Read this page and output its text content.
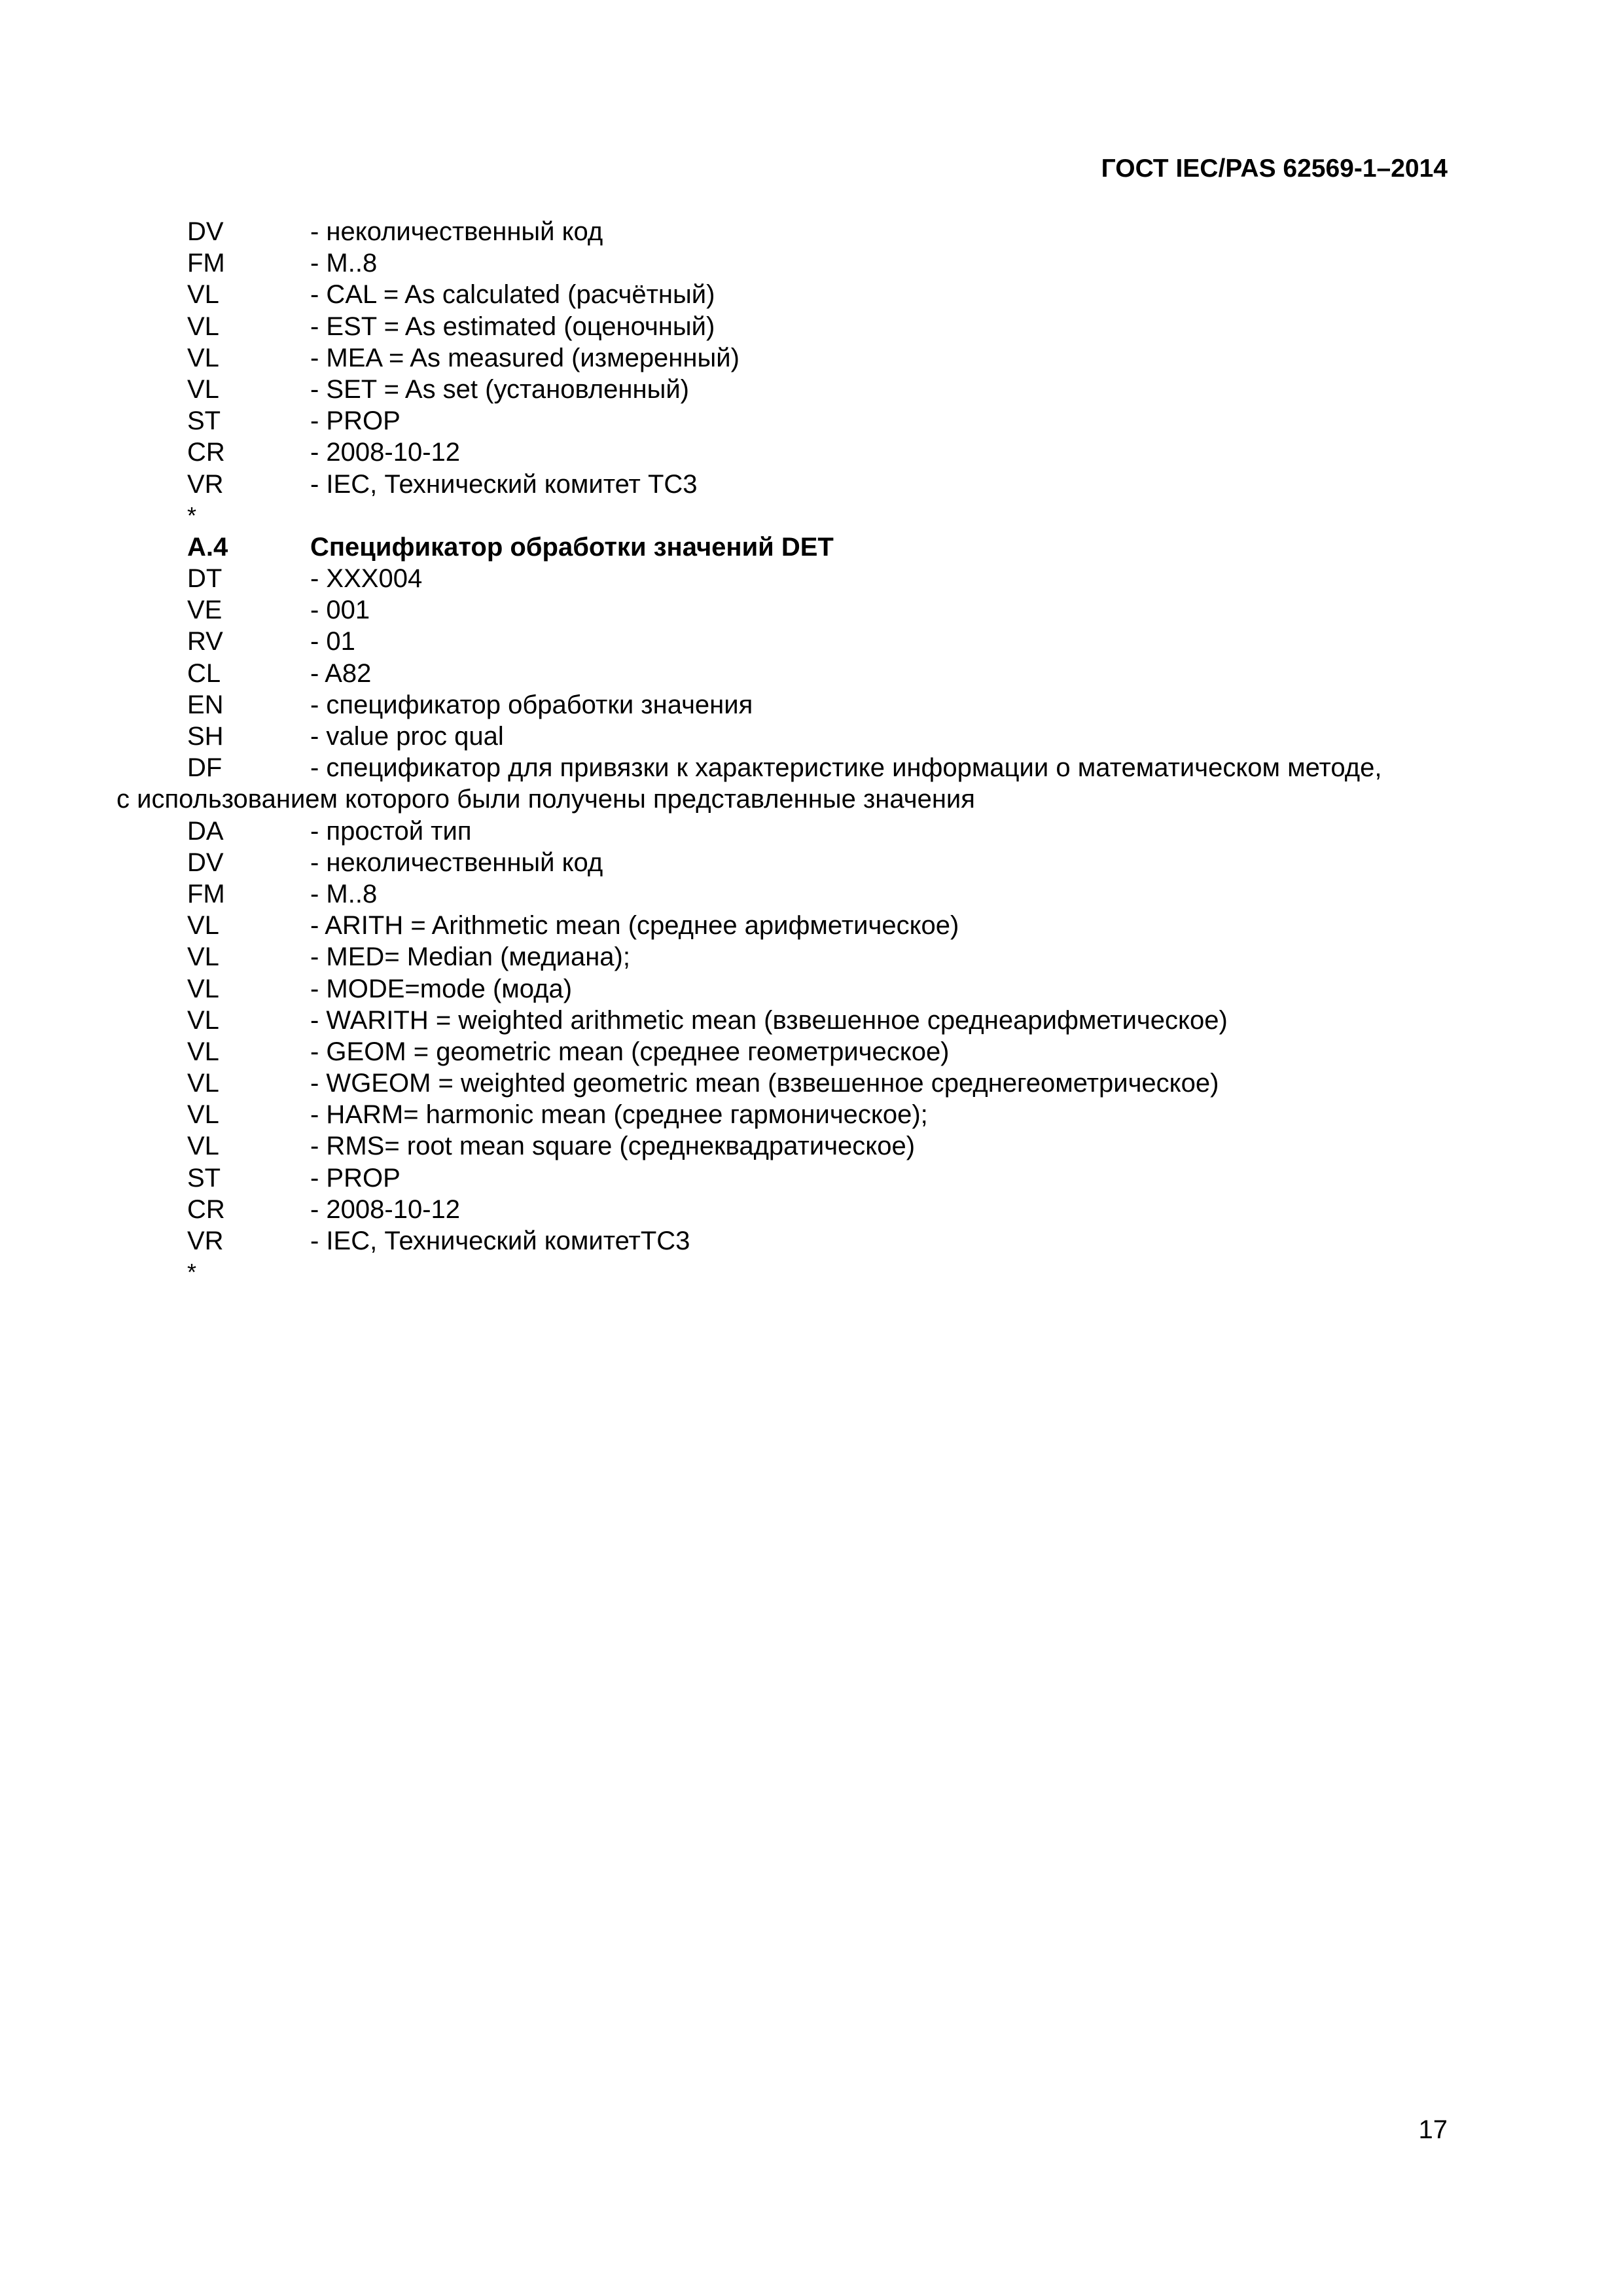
ГОСТ IEC/PAS 62569-1–2014
DV	- неколичественный код
FM	- M..8
VL	- CAL = As calculated (расчётный)
VL	- EST = As estimated (оценочный)
VL	- MEA = As measured (измеренный)
VL	- SET = As set (установленный)
ST	- PROP
CR	- 2008-10-12
VR	- IEC, Технический комитет TC3
*
A.4	Спецификатор обработки значений DET
DT	- XXX004
VE	- 001
RV	- 01
CL	- A82
EN	- спецификатор обработки значения
SH	- value proc qual
DF	- спецификатор для привязки к характеристике информации о математическом методе,
с использованием которого были получены представленные значения
DA	- простой тип
DV	- неколичественный код
FM	- M..8
VL	- ARITH = Arithmetic mean (среднее арифметическое)
VL	- MED= Median (медиана);
VL	- MODE=mode (мода)
VL	- WARITH = weighted arithmetic mean (взвешенное среднеарифметическое)
VL	- GEOM = geometric mean (среднее геометрическое)
VL	- WGEOM = weighted geometric mean (взвешенное среднегеометрическое)
VL	- HARM= harmonic mean (среднее гармоническое);
VL	- RMS= root mean square (среднеквадратическое)
ST	- PROP
CR	- 2008-10-12
VR	- IEC, Технический комитетTC3
*
17
